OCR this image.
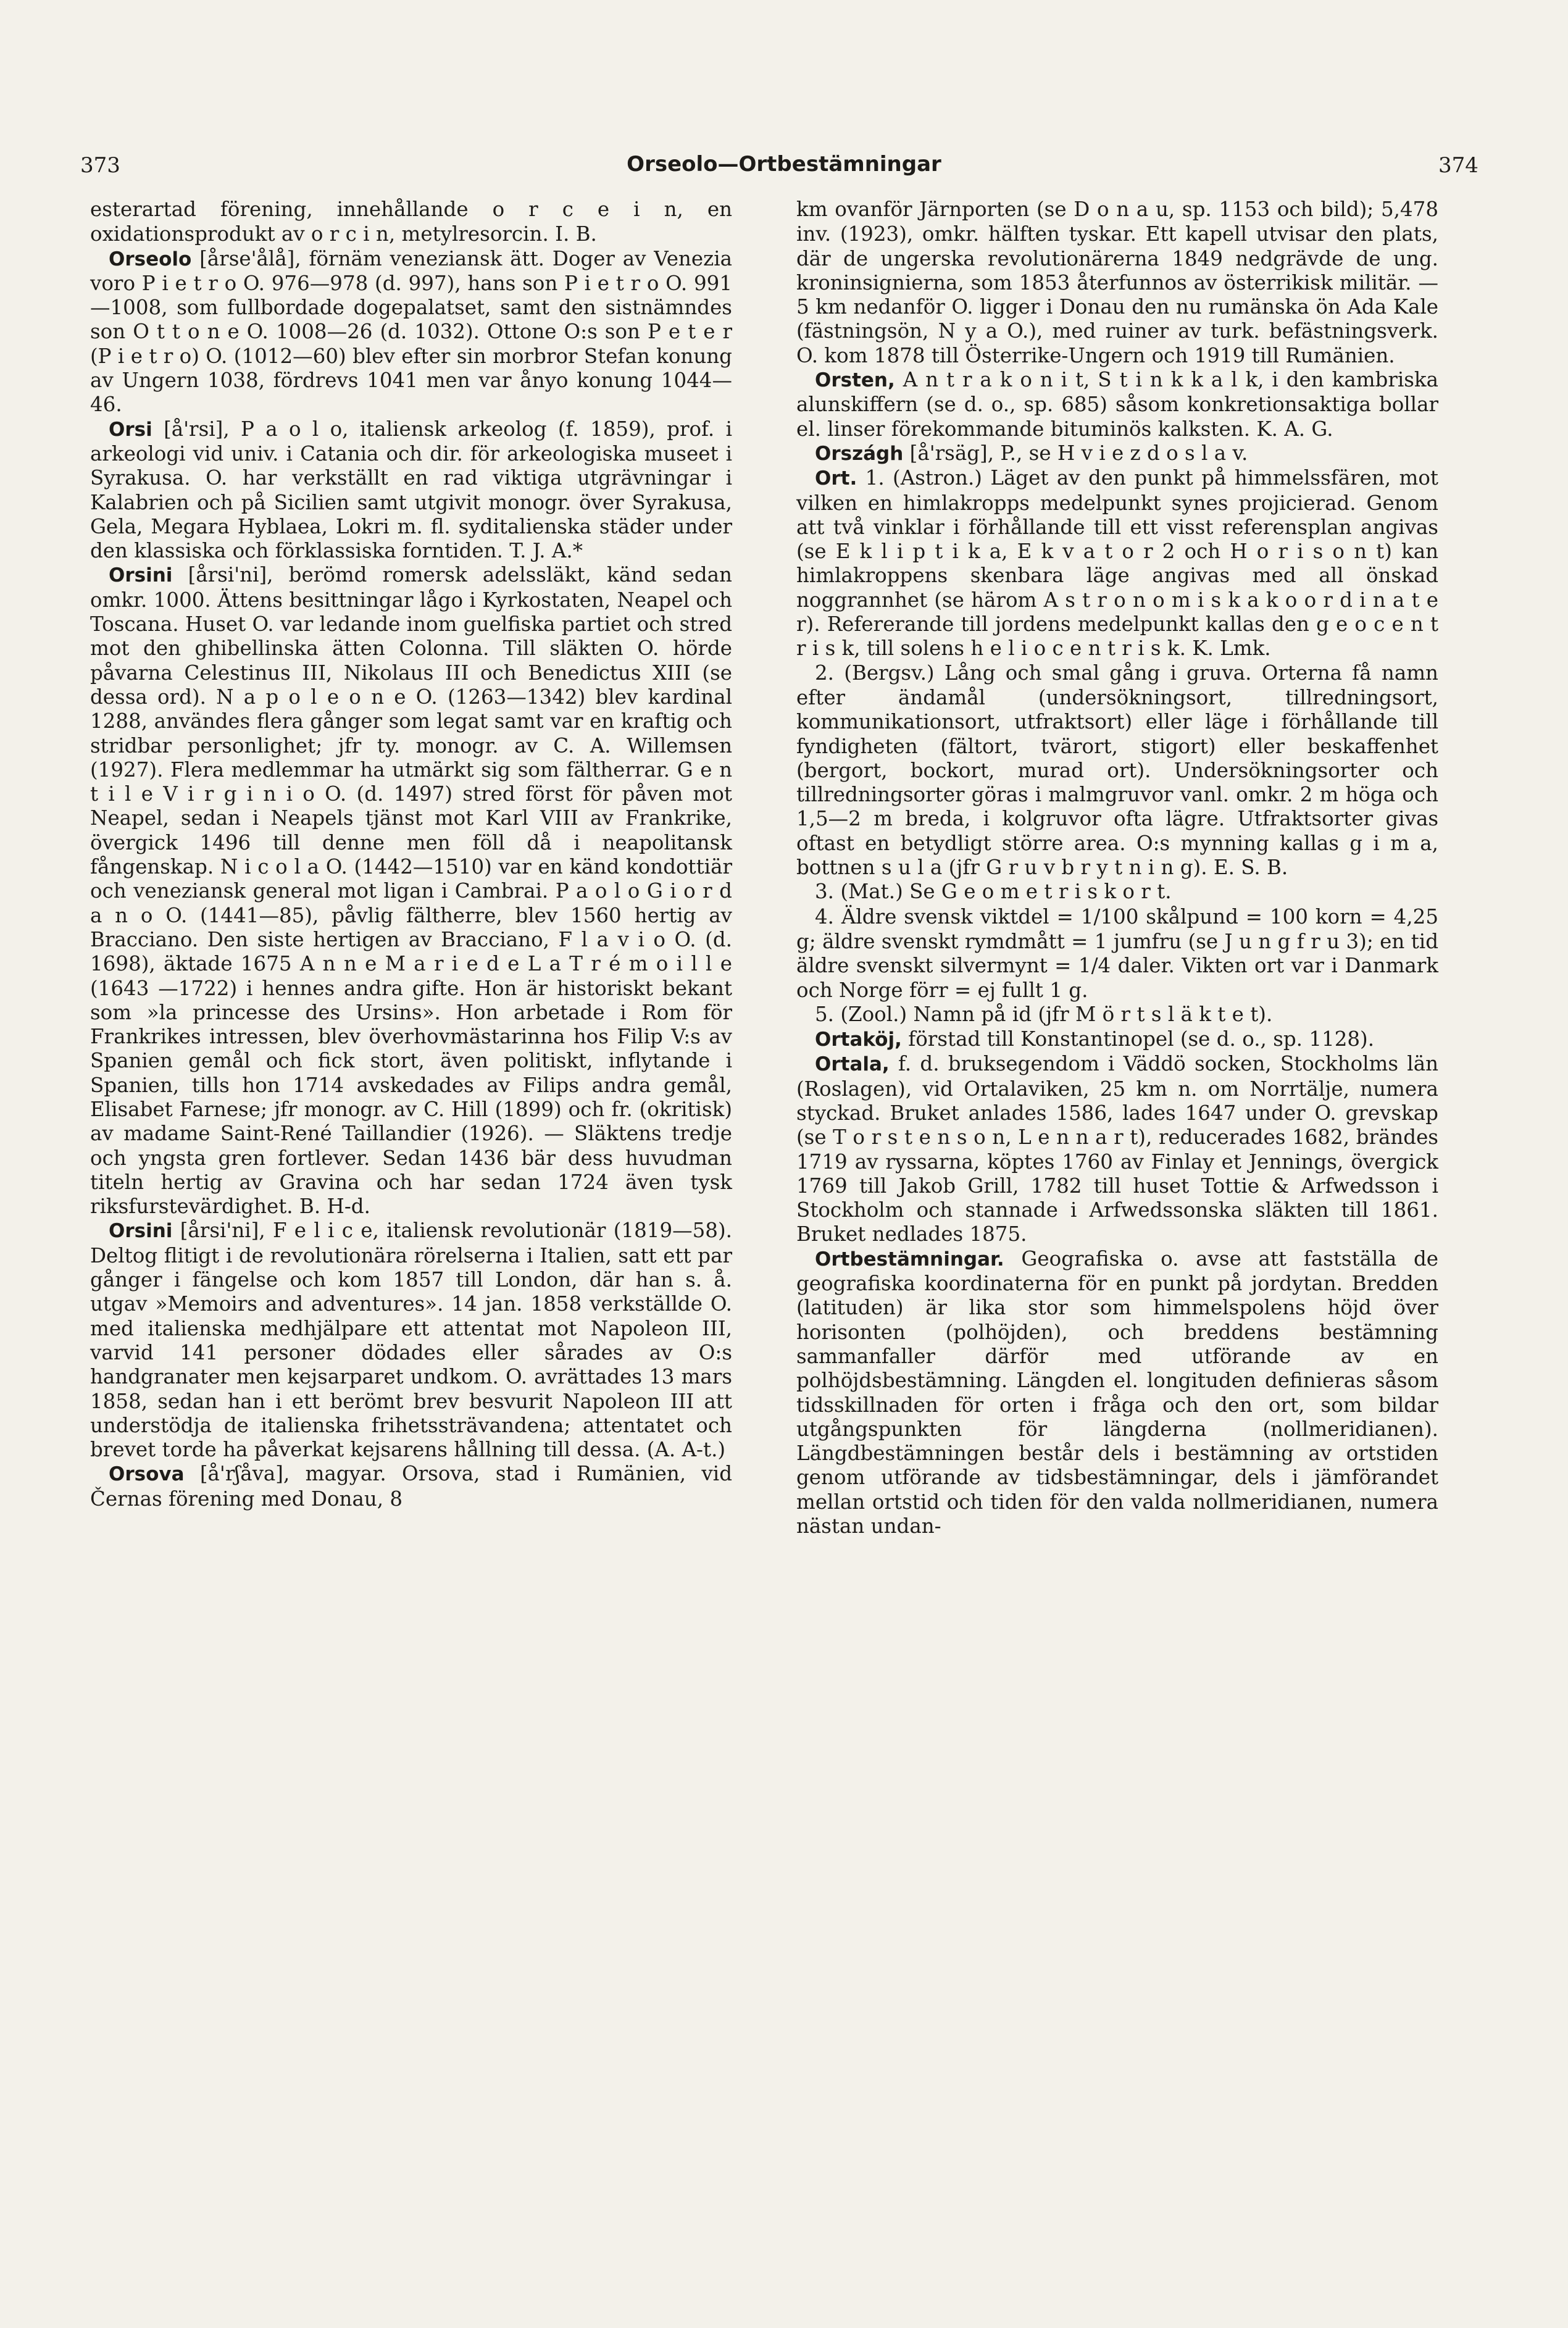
373	Orseolo—Ortbestämningar	374

esterartad förening, innehållande o r c e i n, en oxidationsprodukt av o r c i n, metylresorcin. I. B.

Orseolo [årse'ålå], förnäm veneziansk ätt. Doger av Venezia voro P i e t r o O. 976—978 (d. 997), hans son P i e t r o O. 991—1008, som fullbordade dogepalatset, samt den sistnämndes son O t t o n e O. 1008—26 (d. 1032). Ottone O:s son P e t e r (P i e t r o) O. (1012—60) blev efter sin morbror Stefan konung av Ungern 1038, fördrevs 1041 men var ånyo konung 1044—46.

Orsi [å'rsi], P a o l o, italiensk arkeolog (f. 1859), prof. i arkeologi vid univ. i Catania och dir. för arkeologiska museet i Syrakusa. O. har verkställt en rad viktiga utgrävningar i Kalabrien och på Sicilien samt utgivit monogr. över Syrakusa, Gela, Megara Hyblaea, Lokri m. fl. syditalienska städer under den klassiska och förklassiska forntiden. T. J. A.*

Orsini [årsi'ni], berömd romersk adelssläkt, känd sedan omkr. 1000. Ättens besittningar lågo i Kyrkostaten, Neapel och Toscana. Huset O. var ledande inom guelfiska partiet och stred mot den ghibellinska ätten Colonna. Till släkten O. hörde påvarna Celestinus III, Nikolaus III och Benedictus XIII (se dessa ord). N a p o l e o n e O. (1263—1342) blev kardinal 1288, användes flera gånger som legat samt var en kraftig och stridbar personlighet; jfr ty. monogr. av C. A. Willemsen (1927). Flera medlemmar ha utmärkt sig som fältherrar. G e n t i l e V i r g i n i o O. (d. 1497) stred först för påven mot Neapel, sedan i Neapels tjänst mot Karl VIII av Frankrike, övergick 1496 till denne men föll då i neapolitansk fångenskap. N i c o l a O. (1442—1510) var en känd kondottiär och veneziansk general mot ligan i Cambrai. P a o l o G i o r d a n o O. (1441—85), påvlig fältherre, blev 1560 hertig av Bracciano. Den siste hertigen av Bracciano, F l a v i o O. (d. 1698), äktade 1675 A n n e M a r i e d e L a T r é m o i l l e (1643 —1722) i hennes andra gifte. Hon är historiskt bekant som »la princesse des Ursins». Hon arbetade i Rom för Frankrikes intressen, blev överhovmästarinna hos Filip V:s av Spanien gemål och fick stort, även politiskt, inflytande i Spanien, tills hon 1714 avskedades av Filips andra gemål, Elisabet Farnese; jfr monogr. av C. Hill (1899) och fr. (okritisk) av madame Saint-René Taillandier (1926). — Släktens tredje och yngsta gren fortlever. Sedan 1436 bär dess huvudman titeln hertig av Gravina och har sedan 1724 även tysk riksfurstevärdighet. B. H-d.

Orsini [årsi'ni], F e l i c e, italiensk revolutionär (1819—58). Deltog flitigt i de revolutionära rörelserna i Italien, satt ett par gånger i fängelse och kom 1857 till London, där han s. å. utgav »Memoirs and adventures». 14 jan. 1858 verkställde O. med italienska medhjälpare ett attentat mot Napoleon III, varvid 141 personer dödades eller sårades av O:s handgranater men kejsarparet undkom. O. avrättades 13 mars 1858, sedan han i ett berömt brev besvurit Napoleon III att understödja de italienska frihetssträvandena; attentatet och brevet torde ha påverkat kejsarens hållning till dessa. (A. A-t.)

Orsova [å'rʃåva], magyar. Orsova, stad i Rumänien, vid Černas förening med Donau, 8

km ovanför Järnporten (se D o n a u, sp. 1153 och bild); 5,478 inv. (1923), omkr. hälften tyskar. Ett kapell utvisar den plats, där de ungerska revolutionärerna 1849 nedgrävde de ung. kroninsignierna, som 1853 återfunnos av österrikisk militär. — 5 km nedanför O. ligger i Donau den nu rumänska ön Ada Kale (fästningsön, N y a O.), med ruiner av turk. befästningsverk. O. kom 1878 till Österrike-Ungern och 1919 till Rumänien.

Orsten, A n t r a k o n i t, S t i n k k a l k, i den kambriska alunskiffern (se d. o., sp. 685) såsom konkretionsaktiga bollar el. linser förekommande bituminös kalksten. K. A. G.

Országh [å'rsäg], P., se H v i e z d o s l a v.

Ort. 1. (Astron.) Läget av den punkt på himmelssfären, mot vilken en himlakropps medelpunkt synes projicierad. Genom att två vinklar i förhållande till ett visst referensplan angivas (se E k l i p t i k a, E k v a t o r 2 och H o r i s o n t) kan himlakroppens skenbara läge angivas med all önskad noggrannhet (se härom A s t r o n o m i s k a k o o r d i n a t e r). Refererande till jordens medelpunkt kallas den g e o c e n t r i s k, till solens h e l i o c e n t r i s k. K. Lmk.

2. (Bergsv.) Lång och smal gång i gruva. Orterna få namn efter ändamål (undersökningsort, tillredningsort, kommunikationsort, utfraktsort) eller läge i förhållande till fyndigheten (fältort, tvärort, stigort) eller beskaffenhet (bergort, bockort, murad ort). Undersökningsorter och tillredningsorter göras i malmgruvor vanl. omkr. 2 m höga och 1,5—2 m breda, i kolgruvor ofta lägre. Utfraktsorter givas oftast en betydligt större area. O:s mynning kallas g i m a, bottnen s u l a (jfr G r u v b r y t n i n g). E. S. B.

3. (Mat.) Se G e o m e t r i s k o r t.

4. Äldre svensk viktdel = 1/100 skålpund = 100 korn = 4,25 g; äldre svenskt rymdmått = 1 jumfru (se J u n g f r u 3); en tid äldre svenskt silvermynt = 1/4 daler. Vikten ort var i Danmark och Norge förr = ej fullt 1 g.

5. (Zool.) Namn på id (jfr M ö r t s l ä k t e t).

Ortaköj, förstad till Konstantinopel (se d. o., sp. 1128).

Ortala, f. d. bruksegendom i Väddö socken, Stockholms län (Roslagen), vid Ortalaviken, 25 km n. om Norrtälje, numera styckad. Bruket anlades 1586, lades 1647 under O. grevskap (se T o r s t e n s o n, L e n n a r t), reducerades 1682, brändes 1719 av ryssarna, köptes 1760 av Finlay et Jennings, övergick 1769 till Jakob Grill, 1782 till huset Tottie & Arfwedsson i Stockholm och stannade i Arfwedssonska släkten till 1861. Bruket nedlades 1875.

Ortbestämningar. Geografiska o. avse att fastställa de geografiska koordinaterna för en punkt på jordytan. Bredden (latituden) är lika stor som himmelspolens höjd över horisonten (polhöjden), och breddens bestämning sammanfaller därför med utförande av en polhöjdsbestämning. Längden el. longituden definieras såsom tidsskillnaden för orten i fråga och den ort, som bildar utgångspunkten för längderna (nollmeridianen). Längdbestämningen består dels i bestämning av ortstiden genom utförande av tidsbestämningar, dels i jämförandet mellan ortstid och tiden för den valda nollmeridianen, numera nästan undan-
